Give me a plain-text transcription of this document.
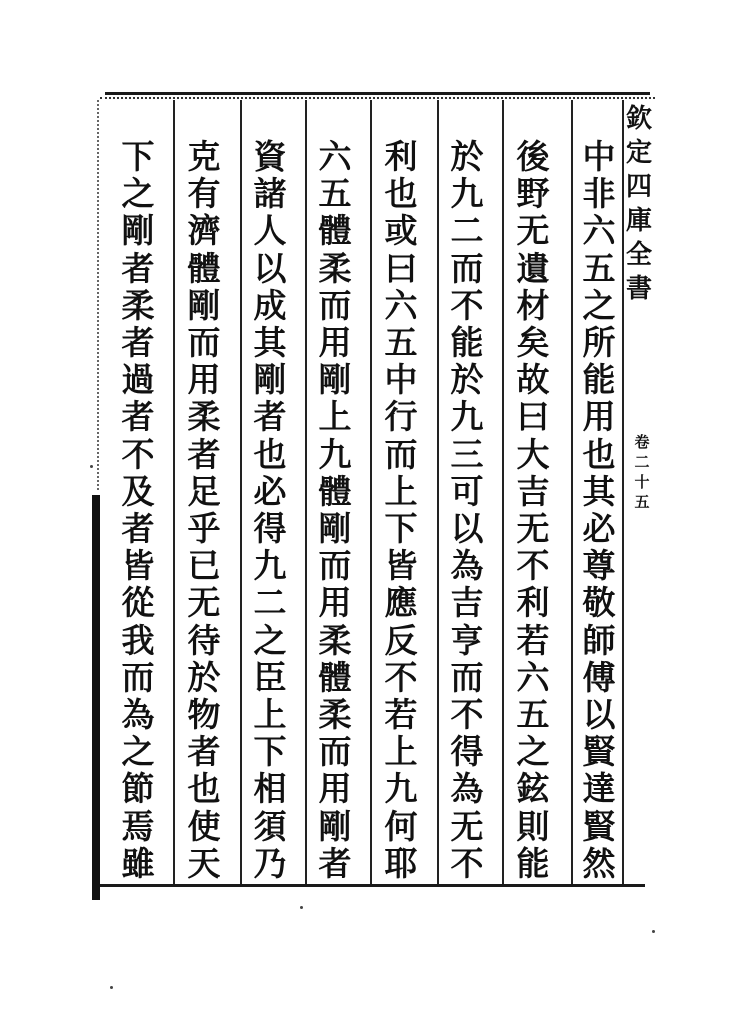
欽
定
四
庫
全
書
卷
二
十
五
中
非
六
五
之
所
能
用
也
其
必
尊
敬
師
傅
以
賢
達
賢
然
後
野
无
遺
材
矣
故
曰
大
吉
无
不
利
若
六
五
之
鉉
則
能
於
九
二
而
不
能
於
九
三
可
以
為
吉
亨
而
不
得
為
无
不
利
也
或
曰
六
五
中
行
而
上
下
皆
應
反
不
若
上
九
何
耶
六
五
體
柔
而
用
剛
上
九
體
剛
而
用
柔
體
柔
而
用
剛
者
資
諸
人
以
成
其
剛
者
也
必
得
九
二
之
臣
上
下
相
須
乃
克
有
濟
體
剛
而
用
柔
者
足
乎
已
无
待
於
物
者
也
使
天
下
之
剛
者
柔
者
過
者
不
及
者
皆
從
我
而
為
之
節
焉
雖
